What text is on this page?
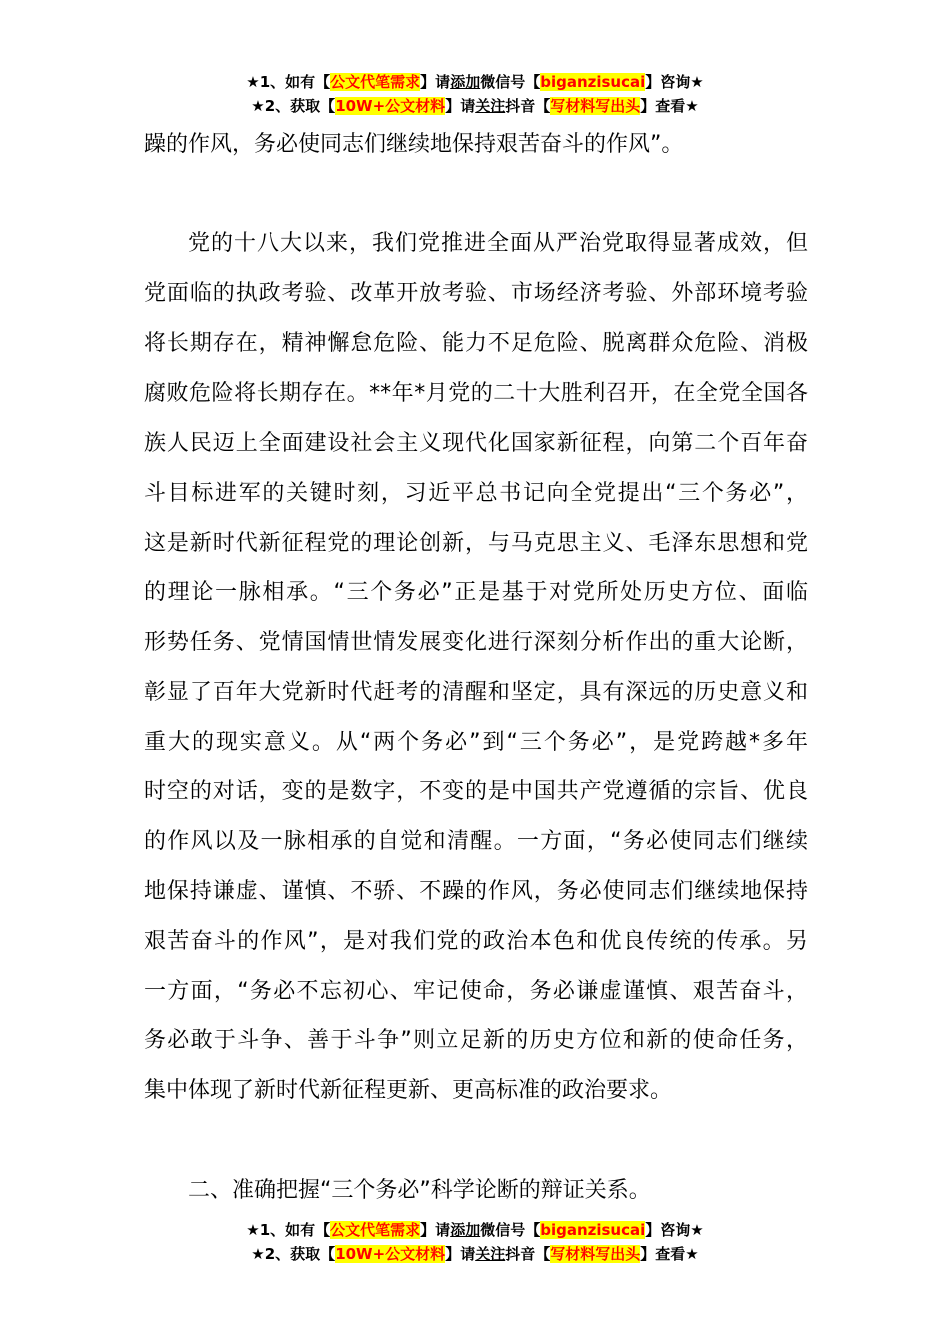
★1、如有【公文代笔需求】请添加微信号【biganzisucai】咨询★
★2、获取【10W+公文材料】请关注抖音【写材料写出头】查看★
躁的作风，务必使同志们继续地保持艰苦奋斗的作风”。
党的十八大以来，我们党推进全面从严治党取得显著成效，但
党面临的执政考验、改革开放考验、市场经济考验、外部环境考验
将长期存在，精神懈怠危险、能力不足危险、脱离群众危险、消极
腐败危险将长期存在。**年*月党的二十大胜利召开，在全党全国各
族人民迈上全面建设社会主义现代化国家新征程，向第二个百年奋
斗目标进军的关键时刻，习近平总书记向全党提出“三个务必”，
这是新时代新征程党的理论创新，与马克思主义、毛泽东思想和党
的理论一脉相承。“三个务必”正是基于对党所处历史方位、面临
形势任务、党情国情世情发展变化进行深刻分析作出的重大论断，
彰显了百年大党新时代赶考的清醒和坚定，具有深远的历史意义和
重大的现实意义。从“两个务必”到“三个务必”，是党跨越*多年
时空的对话，变的是数字，不变的是中国共产党遵循的宗旨、优良
的作风以及一脉相承的自觉和清醒。一方面，“务必使同志们继续
地保持谦虚、谨慎、不骄、不躁的作风，务必使同志们继续地保持
艰苦奋斗的作风”，是对我们党的政治本色和优良传统的传承。另
一方面，“务必不忘初心、牢记使命，务必谦虚谨慎、艰苦奋斗，
务必敢于斗争、善于斗争”则立足新的历史方位和新的使命任务，
集中体现了新时代新征程更新、更高标准的政治要求。
二、准确把握“三个务必”科学论断的辩证关系。
★1、如有【公文代笔需求】请添加微信号【biganzisucai】咨询★
★2、获取【10W+公文材料】请关注抖音【写材料写出头】查看★
